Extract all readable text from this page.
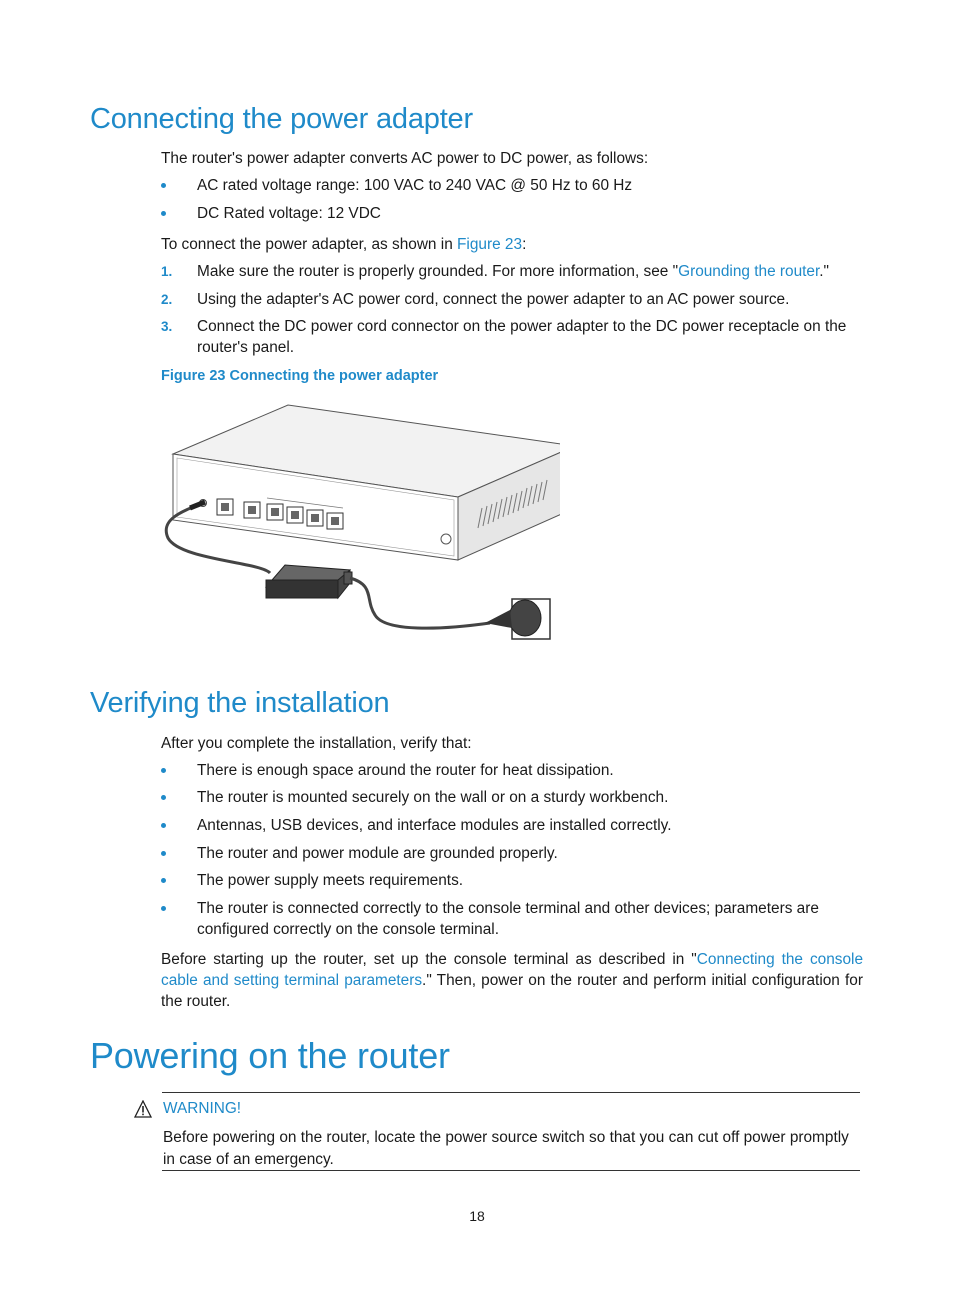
Connecting the power adapter

The router's power adapter converts AC power to DC power, as follows:

AC rated voltage range: 100 VAC to 240 VAC @ 50 Hz to 60 Hz
DC Rated voltage: 12 VDC

To connect the power adapter, as shown in Figure 23:

1. Make sure the router is properly grounded. For more information, see "Grounding the router."
2. Using the adapter's AC power cord, connect the power adapter to an AC power source.
3. Connect the DC power cord connector on the power adapter to the DC power receptacle on the router's panel.
Figure 23 Connecting the power adapter
Verifying the installation

After you complete the installation, verify that:

There is enough space around the router for heat dissipation.
The router is mounted securely on the wall or on a sturdy workbench.
Antennas, USB devices, and interface modules are installed correctly.
The router and power module are grounded properly.
The power supply meets requirements.
The router is connected correctly to the console terminal and other devices; parameters are configured correctly on the console terminal.

Before starting up the router, set up the console terminal as described in "Connecting the console cable and setting terminal parameters." Then, power on the router and perform initial configuration for the router.

Powering on the router
WARNING!
Before powering on the router, locate the power source switch so that you can cut off power promptly in case of an emergency.
18
